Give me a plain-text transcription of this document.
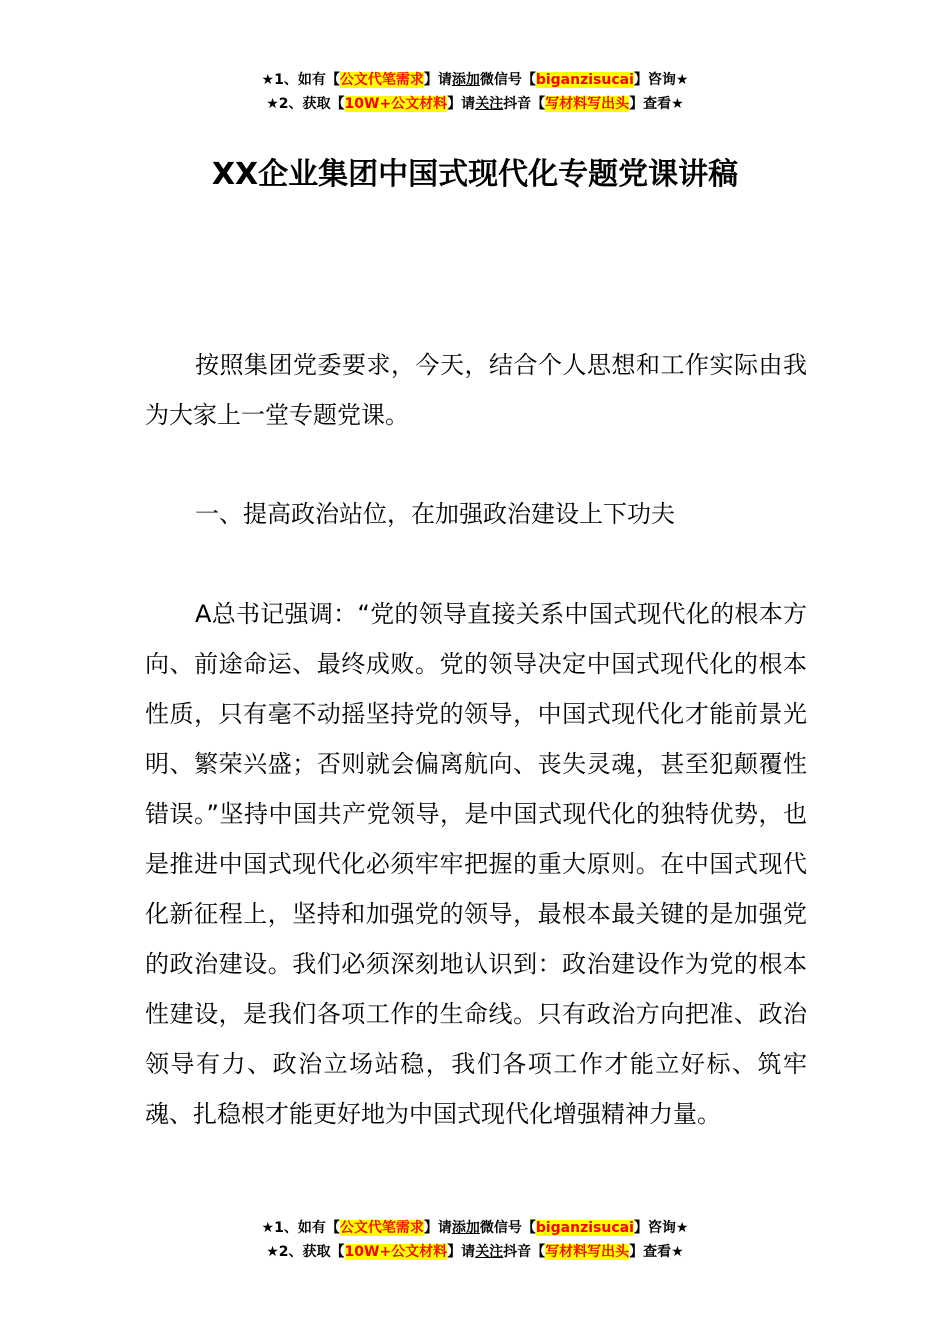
★1、如有【公文代笔需求】请添加微信号【biganzisucai】咨询★
★2、获取【10W+公文材料】请关注抖音【写材料写出头】查看★
XX企业集团中国式现代化专题党课讲稿

按照集团党委要求，今天，结合个人思想和工作实际由我为大家上一堂专题党课。

一、提高政治站位，在加强政治建设上下功夫

A总书记强调：“党的领导直接关系中国式现代化的根本方向、前途命运、最终成败。党的领导决定中国式现代化的根本性质，只有毫不动摇坚持党的领导，中国式现代化才能前景光明、繁荣兴盛；否则就会偏离航向、丧失灵魂，甚至犯颠覆性错误。”坚持中国共产党领导，是中国式现代化的独特优势，也是推进中国式现代化必须牢牢把握的重大原则。在中国式现代化新征程上，坚持和加强党的领导，最根本最关键的是加强党的政治建设。我们必须深刻地认识到：政治建设作为党的根本性建设，是我们各项工作的生命线。只有政治方向把准、政治领导有力、政治立场站稳，我们各项工作才能立好标、筑牢魂、扎稳根才能更好地为中国式现代化增强精神力量。

★1、如有【公文代笔需求】请添加微信号【biganzisucai】咨询★
★2、获取【10W+公文材料】请关注抖音【写材料写出头】查看★
